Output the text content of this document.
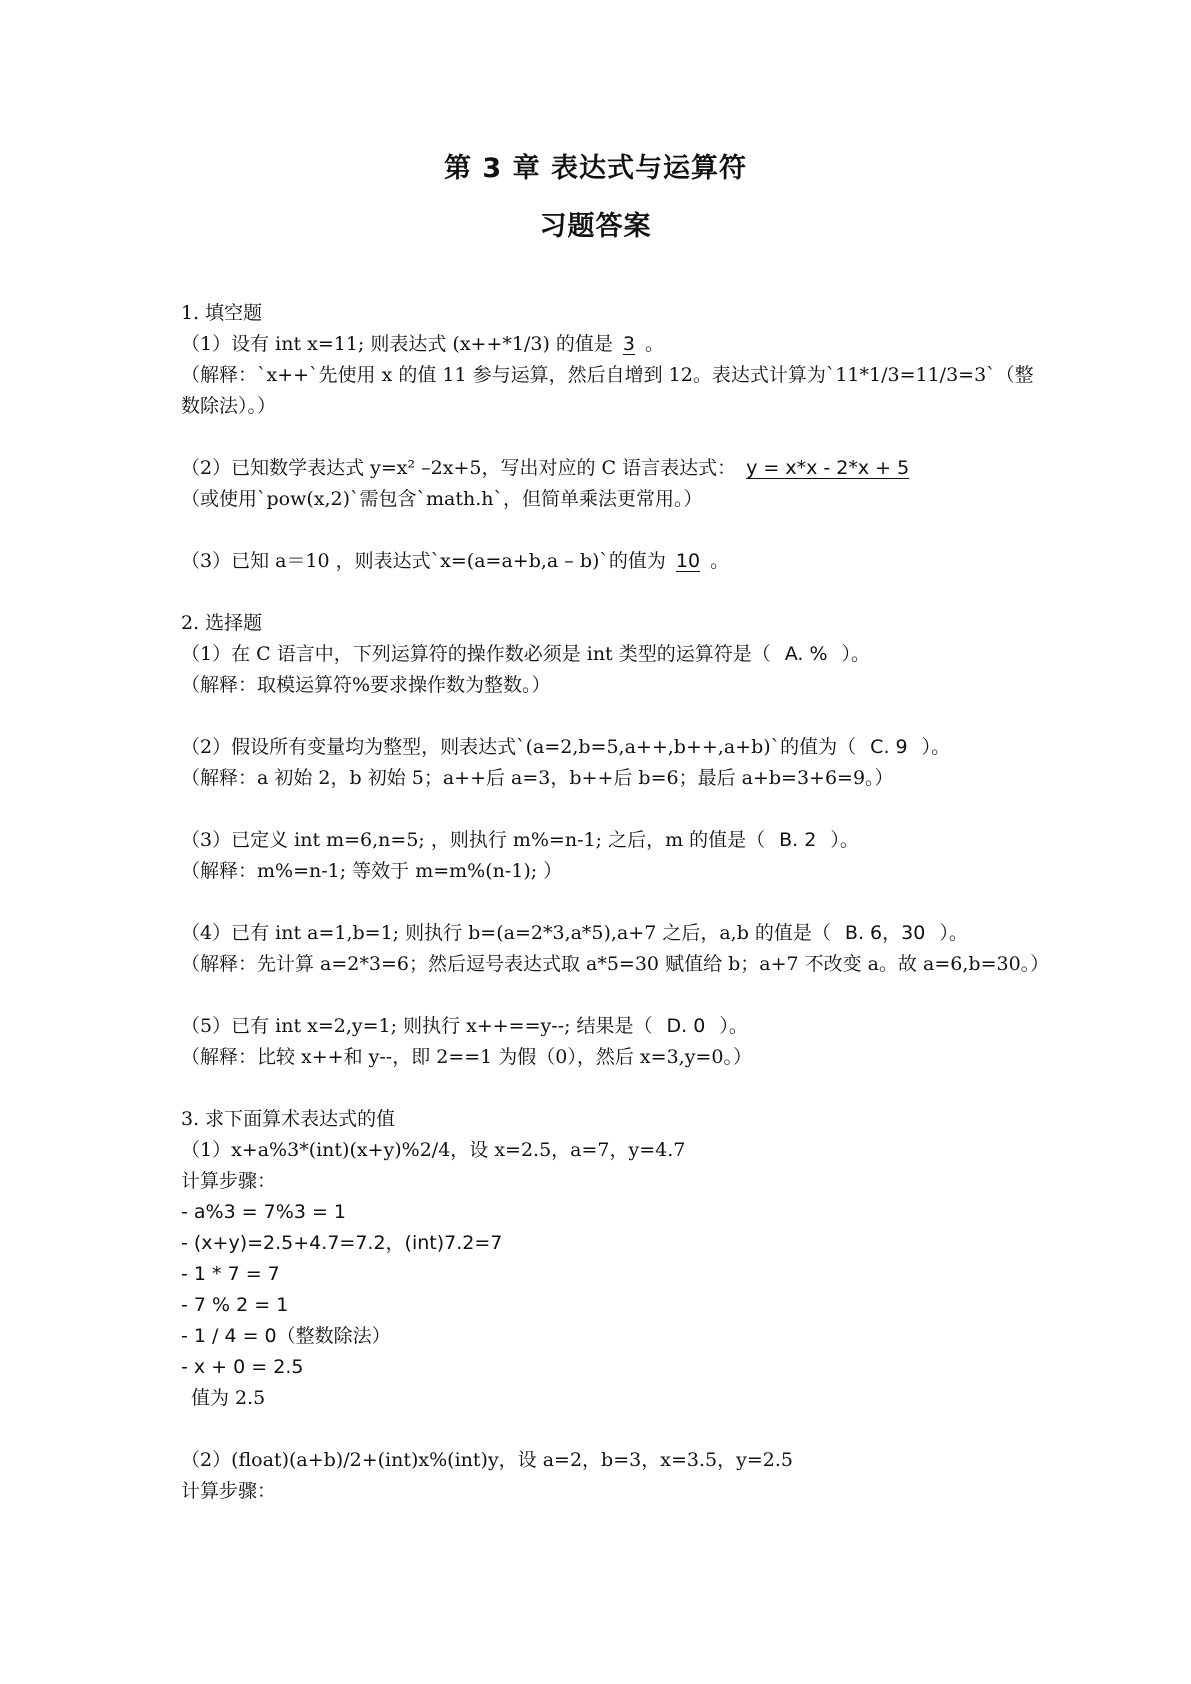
第 3 章 表达式与运算符
习题答案
1. 填空题
（1）设有 int x=11; 则表达式 (x++*1/3) 的值是 3 。
（解释：`x++`先使用 x 的值 11 参与运算，然后自增到 12。表达式计算为`11*1/3=11/3=3`（整数除法）。）
（2）已知数学表达式 y=x² –2x+5，写出对应的 C 语言表达式： y = x*x - 2*x + 5
（或使用`pow(x,2)`需包含`math.h`，但简单乘法更常用。）
（3）已知 a＝10 ，则表达式`x=(a=a+b,a – b)`的值为 10 。
2. 选择题
（1）在 C 语言中，下列运算符的操作数必须是 int 类型的运算符是（ A. % ）。
（解释：取模运算符%要求操作数为整数。）
（2）假设所有变量均为整型，则表达式`(a=2,b=5,a++,b++,a+b)`的值为（ C. 9 ）。
（解释：a 初始 2，b 初始 5；a++后 a=3，b++后 b=6；最后 a+b=3+6=9。）
（3）已定义 int m=6,n=5; ，则执行 m%=n-1; 之后，m 的值是（ B. 2 ）。
（解释：m%=n-1; 等效于 m=m%(n-1); ）
（4）已有 int a=1,b=1; 则执行 b=(a=2*3,a*5),a+7 之后，a,b 的值是（ B. 6，30 ）。
（解释：先计算 a=2*3=6；然后逗号表达式取 a*5=30 赋值给 b；a+7 不改变 a。故 a=6,b=30。）
（5）已有 int x=2,y=1; 则执行 x++==y--; 结果是（ D. 0 ）。
（解释：比较 x++和 y--，即 2==1 为假（0），然后 x=3,y=0。）
3. 求下面算术表达式的值
（1）x+a%3*(int)(x+y)%2/4，设 x=2.5，a=7，y=4.7
计算步骤：
- a%3 = 7%3 = 1
- (x+y)=2.5+4.7=7.2，(int)7.2=7
- 1 * 7 = 7
- 7 % 2 = 1
- 1 / 4 = 0（整数除法）
- x + 0 = 2.5
值为 2.5
（2）(float)(a+b)/2+(int)x%(int)y，设 a=2，b=3，x=3.5，y=2.5
计算步骤：
